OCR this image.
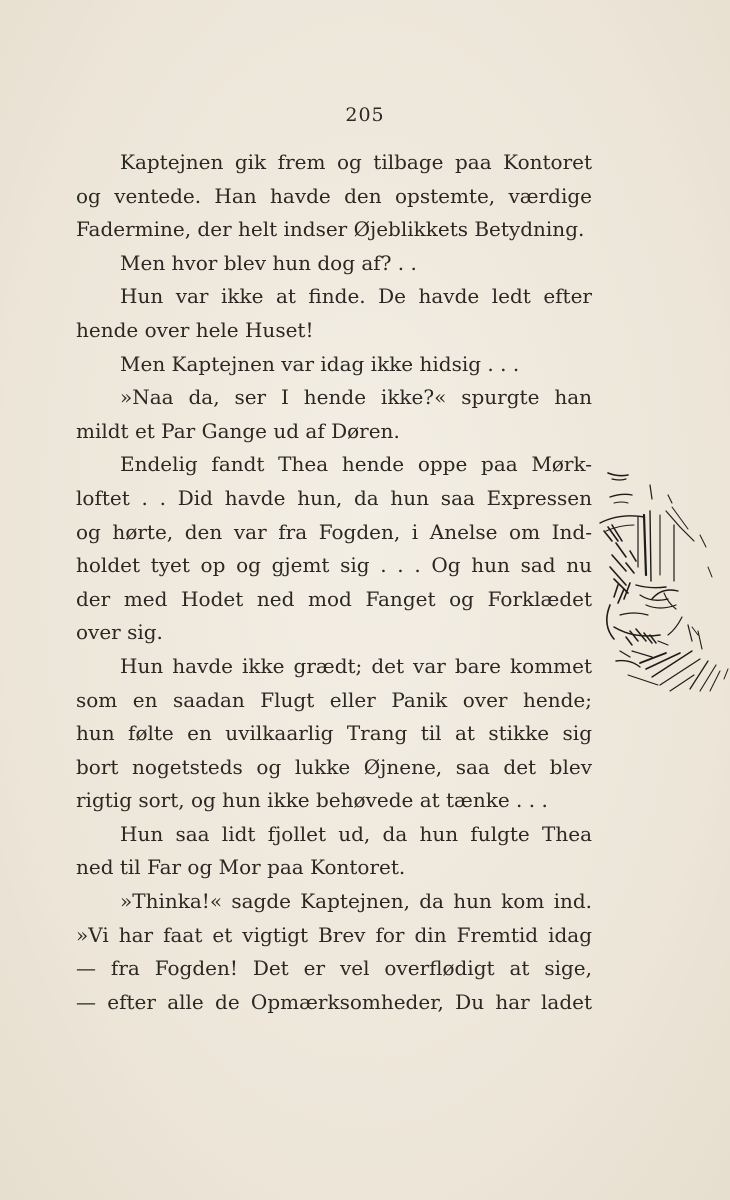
205
Kaptejnen gik frem og tilbage paa Kontoret
og ventede. Han havde den opstemte, værdige
Fadermine, der helt indser Øjeblikkets Betydning.
Men hvor blev hun dog af? . .
Hun var ikke at finde. De havde ledt efter
hende over hele Huset!
Men Kaptejnen var idag ikke hidsig . . .
»Naa da, ser I hende ikke?« spurgte han
mildt et Par Gange ud af Døren.
Endelig fandt Thea hende oppe paa Mørk-
loftet . . Did havde hun, da hun saa Expressen
og hørte, den var fra Fogden, i Anelse om Ind-
holdet tyet op og gjemt sig . . . Og hun sad nu
der med Hodet ned mod Fanget og Forklædet
over sig.
Hun havde ikke grædt; det var bare kommet
som en saadan Flugt eller Panik over hende;
hun følte en uvilkaarlig Trang til at stikke sig
bort nogetsteds og lukke Øjnene, saa det blev
rigtig sort, og hun ikke behøvede at tænke . . .
Hun saa lidt fjollet ud, da hun fulgte Thea
ned til Far og Mor paa Kontoret.
»Thinka!« sagde Kaptejnen, da hun kom ind.
»Vi har faat et vigtigt Brev for din Fremtid idag
— fra Fogden! Det er vel overflødigt at sige,
— efter alle de Opmærksomheder, Du har ladet
